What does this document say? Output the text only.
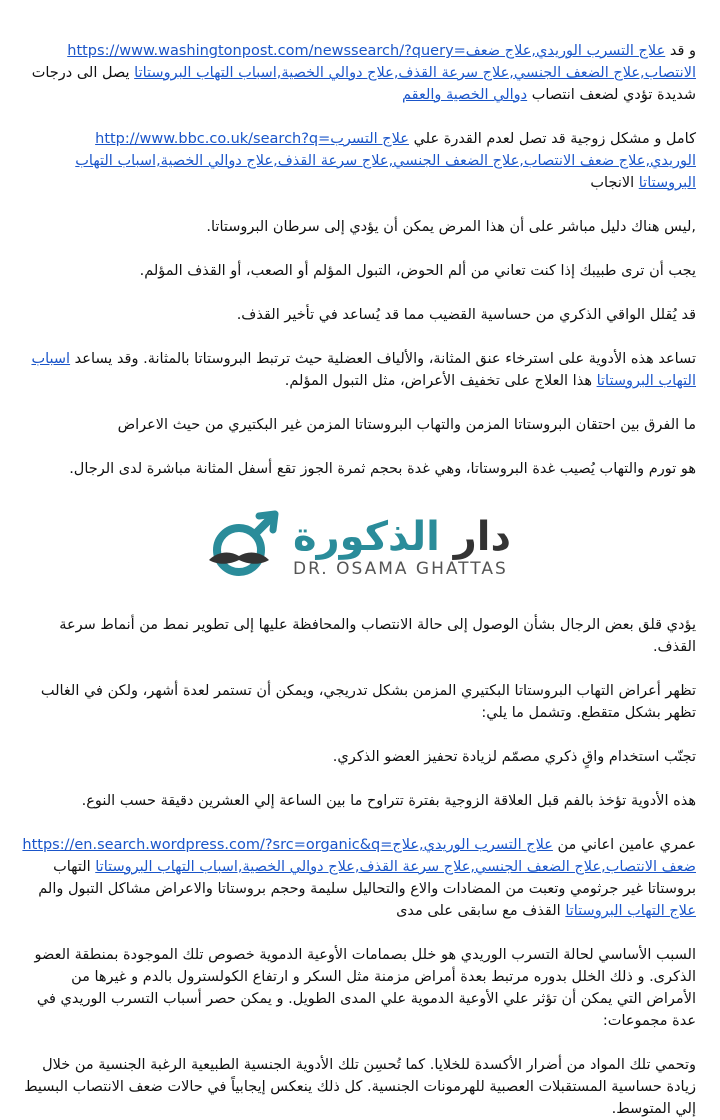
و قد https://www.washingtonpost.com/newssearch/?query=علاج التسرب الوريدي,علاج ضعف الانتصاب,علاج الضعف الجنسي,علاج سرعة القذف,علاج دوالي الخصية,اسباب التهاب البروستاتا يصل الى درجات شديدة تؤدي لضعف انتصاب دوالي الخصية والعقم

كامل و مشكل زوجية قد تصل لعدم القدرة علي http://www.bbc.co.uk/search?q=علاج التسرب الوريدي,علاج ضعف الانتصاب,علاج الضعف الجنسي,علاج سرعة القذف,علاج دوالي الخصية,اسباب التهاب البروستاتا الانجاب

,ليس هناك دليل مباشر على أن هذا المرض يمكن أن يؤدي إلى سرطان البروستاتا.

يجب أن ترى طبيبك إذا كنت تعاني من ألم الحوض، التبول المؤلم أو الصعب، أو القذف المؤلم.

قد يُقلل الواقي الذكري من حساسية القضيب مما قد يُساعد في تأخير القذف.

تساعد هذه الأدوية على استرخاء عنق المثانة، والألياف العضلية حيث ترتبط البروستاتا بالمثانة. وقد يساعد اسباب التهاب البروستاتا هذا العلاج على تخفيف الأعراض، مثل التبول المؤلم.

ما الفرق بين احتقان البروستاتا المزمن والتهاب البروستاتا المزمن غير البكتيري من حيث الاعراض

هو تورم والتهاب يُصيب غدة البروستاتا، وهي غدة بحجم ثمرة الجوز تقع أسفل المثانة مباشرة لدى الرجال.

دار الذكورة
DR. OSAMA GHATTAS

يؤدي قلق بعض الرجال بشأن الوصول إلى حالة الانتصاب والمحافظة عليها إلى تطوير نمط من أنماط سرعة القذف.

تظهر أعراض التهاب البروستاتا البكتيري المزمن بشكل تدريجي، ويمكن أن تستمر لعدة أشهر، ولكن في الغالب تظهر بشكل متقطع. وتشمل ما يلي:

تجنّب استخدام واقٍ ذكري مصمّم لزيادة تحفيز العضو الذكري.

هذه الأدوية تؤخذ بالفم قبل العلاقة الزوجية بفترة تتراوح ما بين الساعة إلي العشرين دقيقة حسب النوع.

عمري عامين اعاني من https://en.search.wordpress.com/?src=organic&q=علاج التسرب الوريدي,علاج ضعف الانتصاب,علاج الضعف الجنسي,علاج سرعة القذف,علاج دوالي الخصية,اسباب التهاب البروستاتا التهاب بروستاتا غير جرثومي وتعبت من المضادات والاع والتحاليل سليمة وحجم بروستاتا والاعراض مشاكل التبول والم علاج التهاب البروستاتا القذف مع سابقى على مدى

السبب الأساسي لحالة التسرب الوريدي هو خلل بصمامات الأوعية الدموية خصوص تلك الموجودة بمنطقة العضو الذكرى. و ذلك الخلل بدوره مرتبط بعدة أمراض مزمنة مثل السكر و ارتفاع الكولسترول بالدم و غيرها من الأمراض التي يمكن أن تؤثر علي الأوعية الدموية علي المدى الطويل. و يمكن حصر أسباب التسرب الوريدي في عدة مجموعات:

وتحمي تلك المواد من أضرار الأكسدة للخلايا. كما تُحسِن تلك الأدوية الجنسية الطبيعية الرغبة الجنسية من خلال زيادة حساسية المستقبلات العصبية للهرمونات الجنسية. كل ذلك ينعكس إيجابياً في حالات ضعف الانتصاب البسيط إلي المتوسط.
